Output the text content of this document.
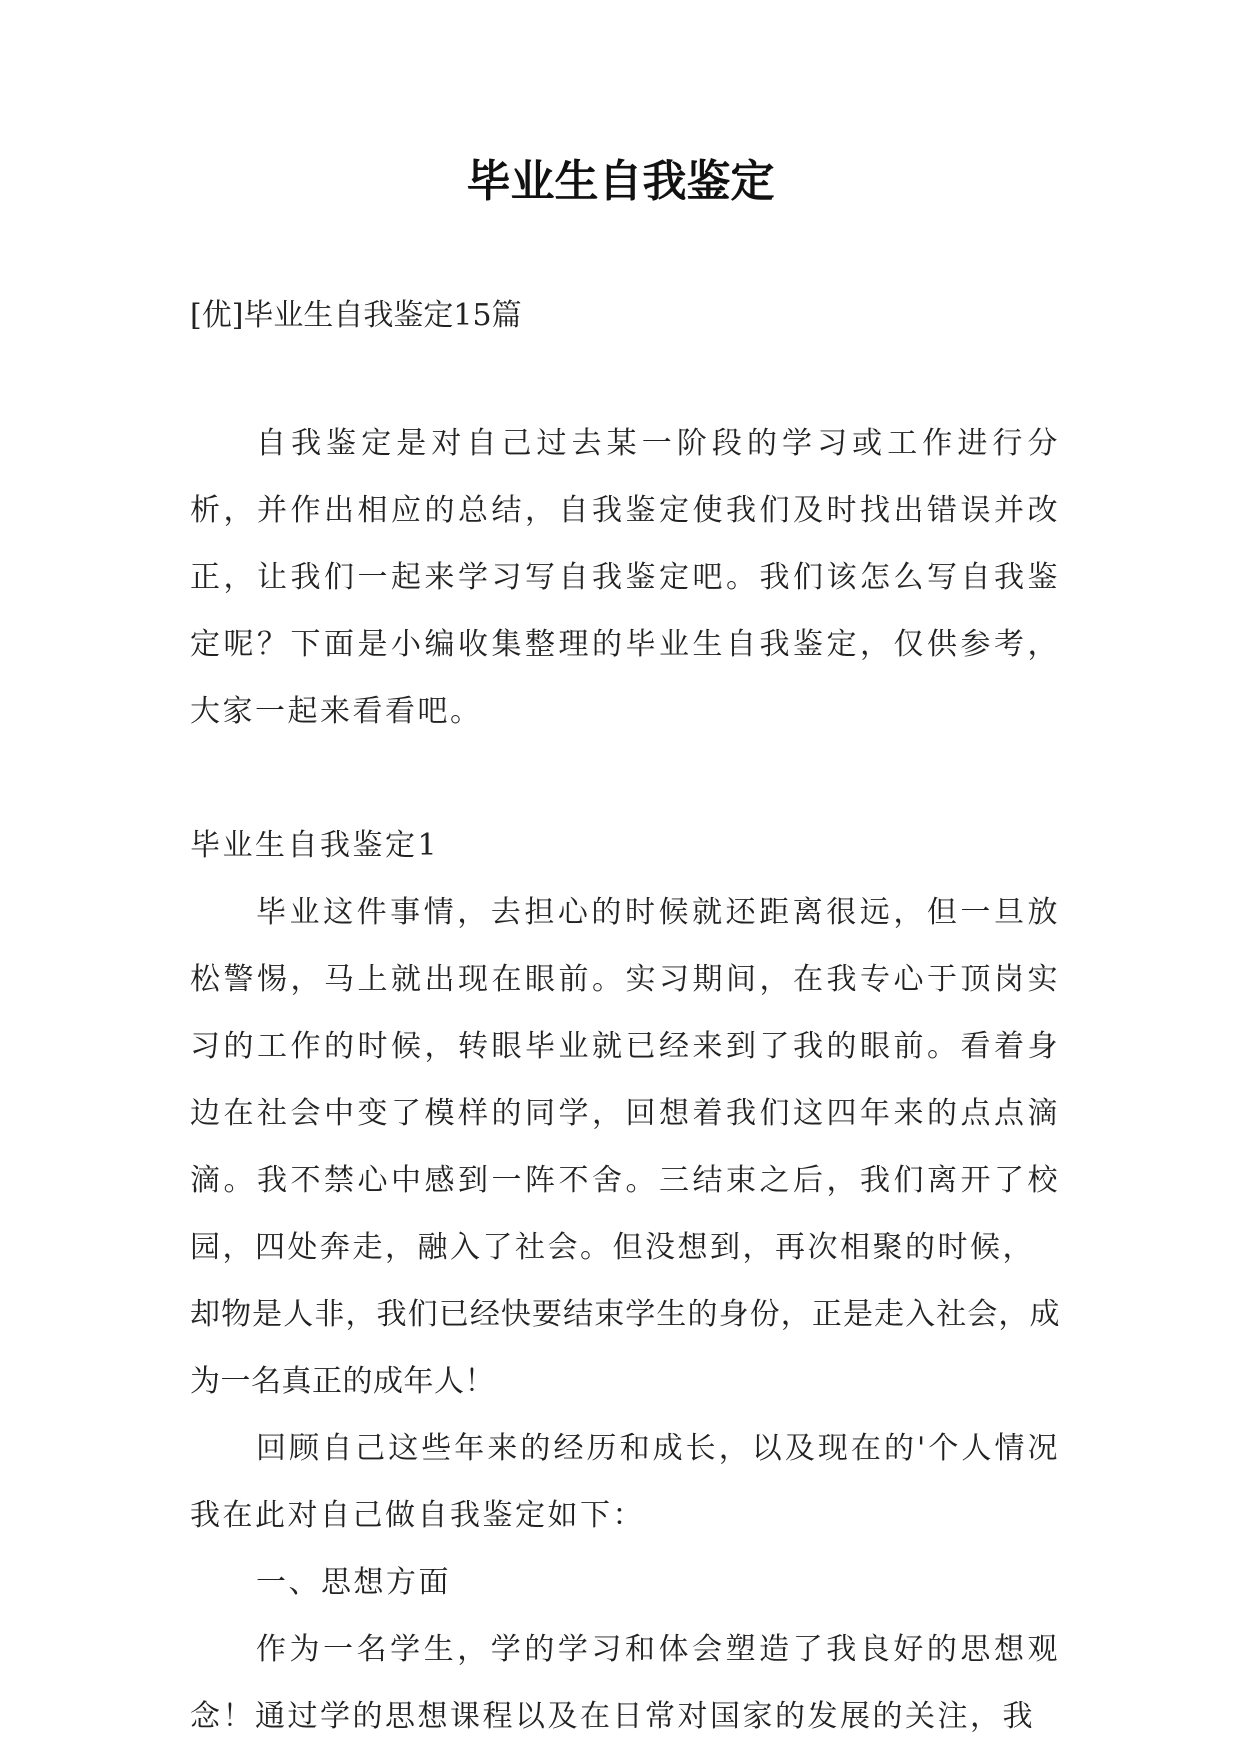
毕业生自我鉴定

[优]毕业生自我鉴定15篇

自我鉴定是对自己过去某一阶段的学习或工作进行分析，并作出相应的总结，自我鉴定使我们及时找出错误并改正，让我们一起来学习写自我鉴定吧。我们该怎么写自我鉴定呢？下面是小编收集整理的毕业生自我鉴定，仅供参考，大家一起来看看吧。

毕业生自我鉴定1

毕业这件事情，去担心的时候就还距离很远，但一旦放松警惕，马上就出现在眼前。实习期间，在我专心于顶岗实习的工作的时候，转眼毕业就已经来到了我的眼前。看着身边在社会中变了模样的同学，回想着我们这四年来的点点滴滴。我不禁心中感到一阵不舍。三结束之后，我们离开了校园，四处奔走，融入了社会。但没想到，再次相聚的时候，

却物是人非，我们已经快要结束学生的身份，正是走入社会，成为一名真正的成年人！

回顾自己这些年来的经历和成长，以及现在的'个人情况我在此对自己做自我鉴定如下：

一、思想方面

作为一名学生，学的学习和体会塑造了我良好的思想观念！通过学的思想课程以及在日常对国家的发展的关注，我
